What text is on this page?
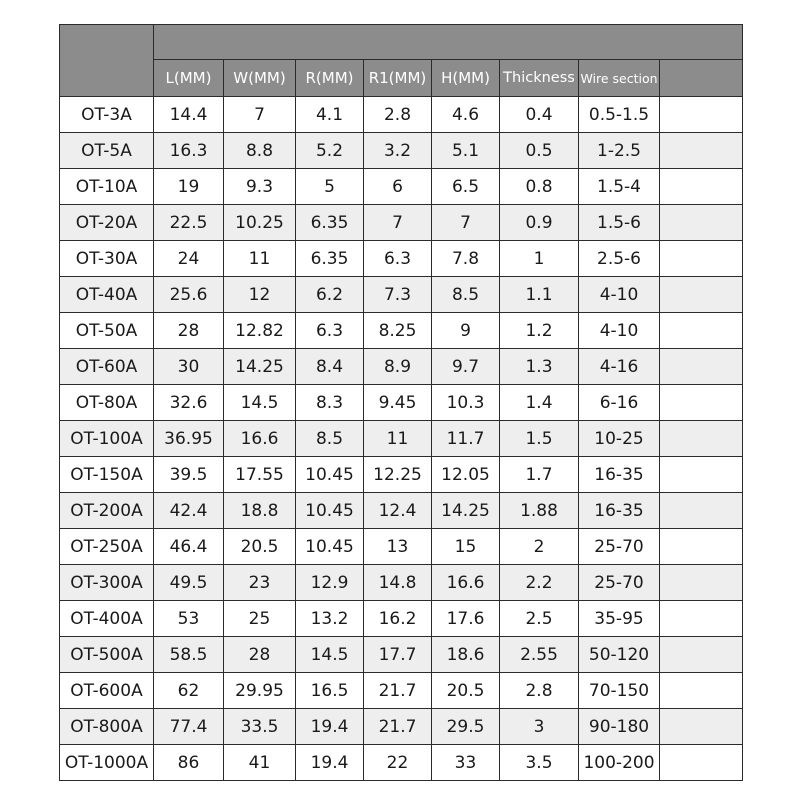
	L(MM)	W(MM)	R(MM)	R1(MM)	H(MM)	Thickness	Wire section	
OT-3A	14.4	7	4.1	2.8	4.6	0.4	0.5-1.5	
OT-5A	16.3	8.8	5.2	3.2	5.1	0.5	1-2.5	
OT-10A	19	9.3	5	6	6.5	0.8	1.5-4	
OT-20A	22.5	10.25	6.35	7	7	0.9	1.5-6	
OT-30A	24	11	6.35	6.3	7.8	1	2.5-6	
OT-40A	25.6	12	6.2	7.3	8.5	1.1	4-10	
OT-50A	28	12.82	6.3	8.25	9	1.2	4-10	
OT-60A	30	14.25	8.4	8.9	9.7	1.3	4-16	
OT-80A	32.6	14.5	8.3	9.45	10.3	1.4	6-16	
OT-100A	36.95	16.6	8.5	11	11.7	1.5	10-25	
OT-150A	39.5	17.55	10.45	12.25	12.05	1.7	16-35	
OT-200A	42.4	18.8	10.45	12.4	14.25	1.88	16-35	
OT-250A	46.4	20.5	10.45	13	15	2	25-70	
OT-300A	49.5	23	12.9	14.8	16.6	2.2	25-70	
OT-400A	53	25	13.2	16.2	17.6	2.5	35-95	
OT-500A	58.5	28	14.5	17.7	18.6	2.55	50-120	
OT-600A	62	29.95	16.5	21.7	20.5	2.8	70-150	
OT-800A	77.4	33.5	19.4	21.7	29.5	3	90-180	
OT-1000A	86	41	19.4	22	33	3.5	100-200	
